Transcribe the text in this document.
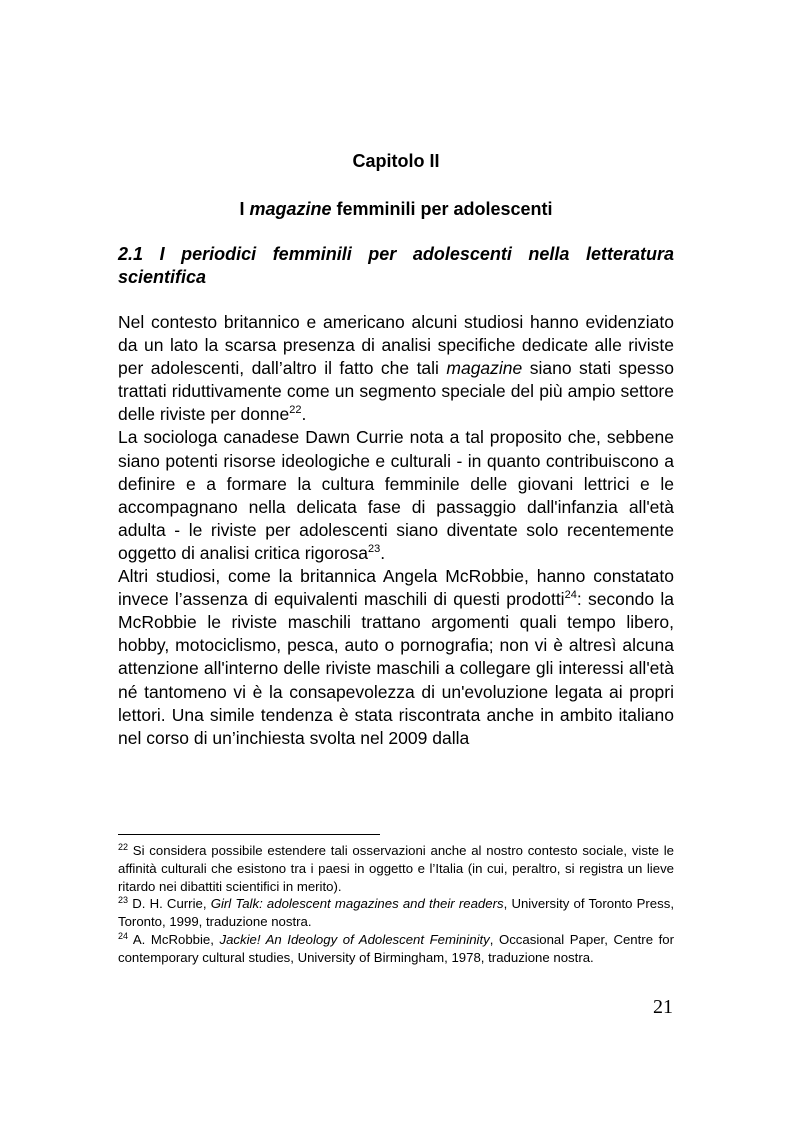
Capitolo II
I magazine femminili per adolescenti
2.1 I periodici femminili per adolescenti nella letteratura scientifica

Nel contesto britannico e americano alcuni studiosi hanno evidenziato da un lato la scarsa presenza di analisi specifiche dedicate alle riviste per adolescenti, dall’altro il fatto che tali magazine siano stati spesso trattati riduttivamente come un segmento speciale del più ampio settore delle riviste per donne$^{22}$.

La sociologa canadese Dawn Currie nota a tal proposito che, sebbene siano potenti risorse ideologiche e culturali - in quanto contribuiscono a definire e a formare la cultura femminile delle giovani lettrici e le accompagnano nella delicata fase di passaggio dall'infanzia all'età adulta - le riviste per adolescenti siano diventate solo recentemente oggetto di analisi critica rigorosa$^{23}$.

Altri studiosi, come la britannica Angela McRobbie, hanno constatato invece l’assenza di equivalenti maschili di questi prodotti$^{24}$: secondo la McRobbie le riviste maschili trattano argomenti quali tempo libero, hobby, motociclismo, pesca, auto o pornografia; non vi è altresì alcuna attenzione all'interno delle riviste maschili a collegare gli interessi all'età né tantomeno vi è la consapevolezza di un'evoluzione legata ai propri lettori. Una simile tendenza è stata riscontrata anche in ambito italiano nel corso di un’inchiesta svolta nel 2009 dalla

$^{22}$ Si considera possibile estendere tali osservazioni anche al nostro contesto sociale, viste le affinità culturali che esistono tra i paesi in oggetto e l’Italia (in cui, peraltro, si registra un lieve ritardo nei dibattiti scientifici in merito).

$^{23}$ D. H. Currie, Girl Talk: adolescent magazines and their readers, University of Toronto Press, Toronto, 1999, traduzione nostra.

$^{24}$ A. McRobbie, Jackie! An Ideology of Adolescent Femininity, Occasional Paper, Centre for contemporary cultural studies, University of Birmingham, 1978, traduzione nostra.

21
